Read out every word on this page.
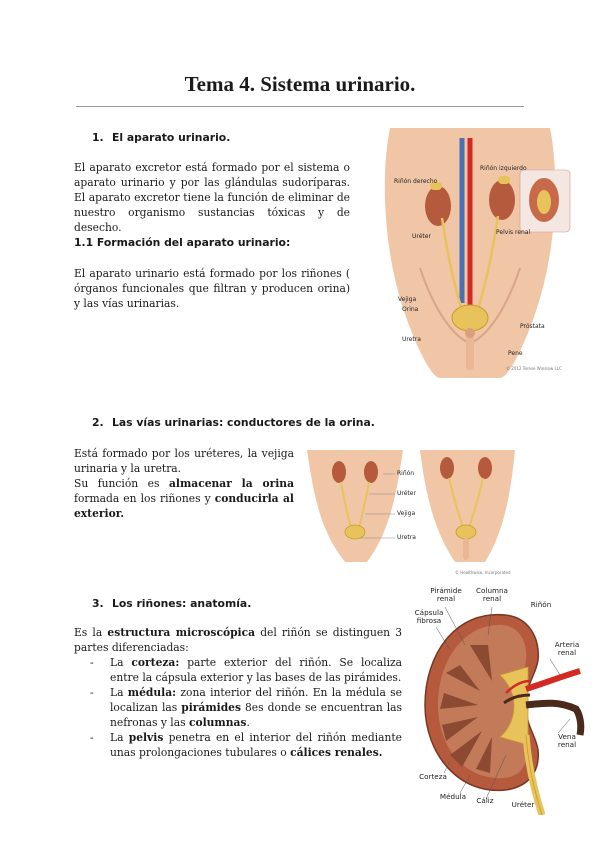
Tema 4. Sistema urinario.
1. El aparato urinario.
El aparato excretor está formado por el sistema o aparato urinario y por las glándulas sudoríparas. El aparato excretor tiene la función de eliminar de nuestro organismo sustancias tóxicas y de desecho.
1.1 Formación del aparato urinario:
El aparato urinario está formado por los riñones ( órganos funcionales que filtran y producen orina) y las vías urinarias.
Riñón derecho
Riñón izquierdo
Uréter
Pelvis renal
Vejiga
Orina
Uretra
Próstata
Pene
© 2012 Terese Winslow LLC
2. Las vías urinarias: conductores de la orina.
Está formado por los uréteres, la vejiga urinaria y la uretra.
Su función es almacenar la orina formada en los riñones y conducirla al exterior.
Riñón
Uréter
Vejiga
Uretra
© Healthwise, Incorporated
3. Los riñones: anatomía.
Es la estructura microscópica del riñón se distinguen 3 partes diferenciadas:
- La corteza: parte exterior del riñón. Se localiza entre la cápsula exterior y las bases de las pirámides.
- La médula: zona interior del riñón. En la médula se localizan las pirámides 8es donde se encuentran las nefronas y las columnas.
- La pelvis penetra en el interior del riñón mediante unas prolongaciones tubulares o cálices renales.
Pirámide renal
Columna renal
Cápsula fibrosa
Riñón
Arteria renal
Vena renal
Corteza
Médula	Cáliz	Uréter
